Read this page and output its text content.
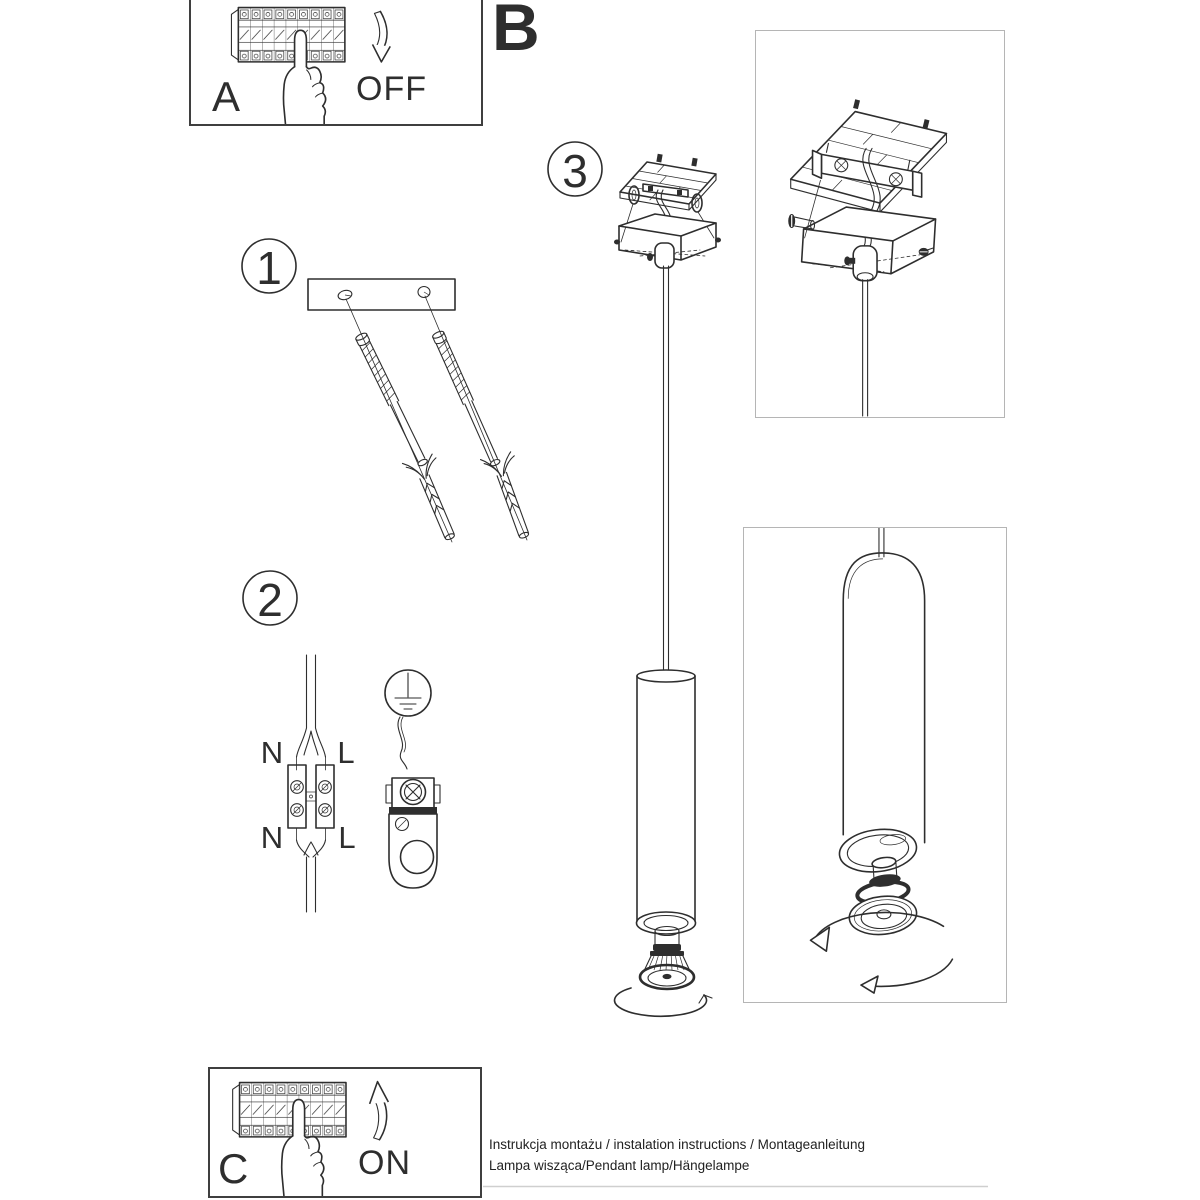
A	OFF
B
C	ON
1
2
3
N	L
N	L
Instrukcja montażu / instalation instructions / Montageanleitung
Lampa wisząca/Pendant lamp/Hängelampe
